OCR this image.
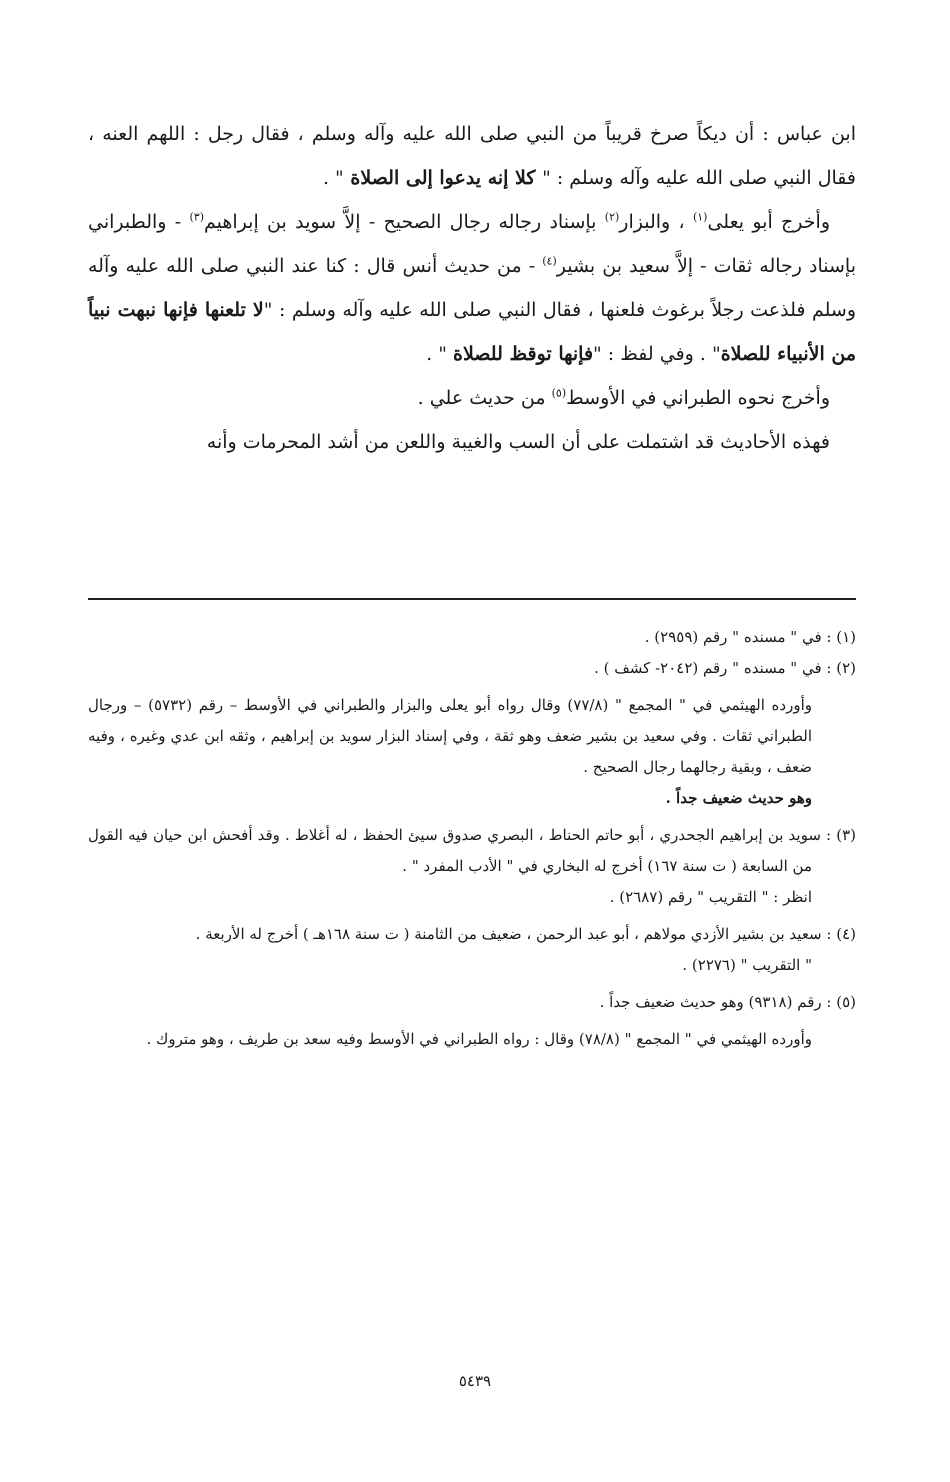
ابن عباس : أن ديكاً صرخ قريباً من النبي صلى الله عليه وآله وسلم ، فقال رجل : اللهم العنه ، فقال النبي صلى الله عليه وآله وسلم : " كلا إنه يدعوا إلى الصلاة " .

وأخرج أبو يعلى$^{(١)}$ ، والبزار$^{(٢)}$ بإسناد رجاله رجال الصحيح - إلاَّ سويد بن إبراهيم$^{(٣)}$ - والطبراني بإسناد رجاله ثقات - إلاَّ سعيد بن بشير$^{(٤)}$ - من حديث أنس قال : كنا عند النبي صلى الله عليه وآله وسلم فلذعت رجلاً برغوث فلعنها ، فقال النبي صلى الله عليه وآله وسلم : "لا تلعنها فإنها نبهت نبياً من الأنبياء للصلاة" . وفي لفظ : "فإنها توقظ للصلاة " .

وأخرج نحوه الطبراني في الأوسط$^{(٥)}$ من حديث علي .

فهذه الأحاديث قد اشتملت على أن السب والغيبة واللعن من أشد المحرمات وأنه

(١) : في " مسنده " رقم (٢٩٥٩) .

(٢) : في " مسنده " رقم (٢٠٤٢- كشف ) .

وأورده الهيثمي في " المجمع " (٧٧/٨) وقال رواه أبو يعلى والبزار والطبراني في الأوسط – رقم (٥٧٣٢) – ورجال الطبراني ثقات . وفي سعيد بن بشير ضعف وهو ثقة ، وفي إسناد البزار سويد بن إبراهيم ، وثقه ابن عدي وغيره ، وفيه ضعف ، وبقية رجالهما رجال الصحيح .

وهو حديث ضعيف جداً .

(٣) : سويد بن إبراهيم الجحدري ، أبو حاتم الحناط ، البصري صدوق سيئ الحفظ ، له أغلاط . وقد أفحش ابن حيان فيه القول من السابعة ( ت سنة ١٦٧) أخرج له البخاري في " الأدب المفرد " .

انظر : " التقريب " رقم (٢٦٨٧) .

(٤) : سعيد بن بشير الأزدي مولاهم ، أبو عبد الرحمن ، ضعيف من الثامنة ( ت سنة ١٦٨هـ ) أخرج له الأربعة .

" التقريب " (٢٢٧٦) .

(٥) : رقم (٩٣١٨) وهو حديث ضعيف جداً .

وأورده الهيثمي في " المجمع " (٧٨/٨) وقال : رواه الطبراني في الأوسط وفيه سعد بن طريف ، وهو متروك .

٥٤٣٩
